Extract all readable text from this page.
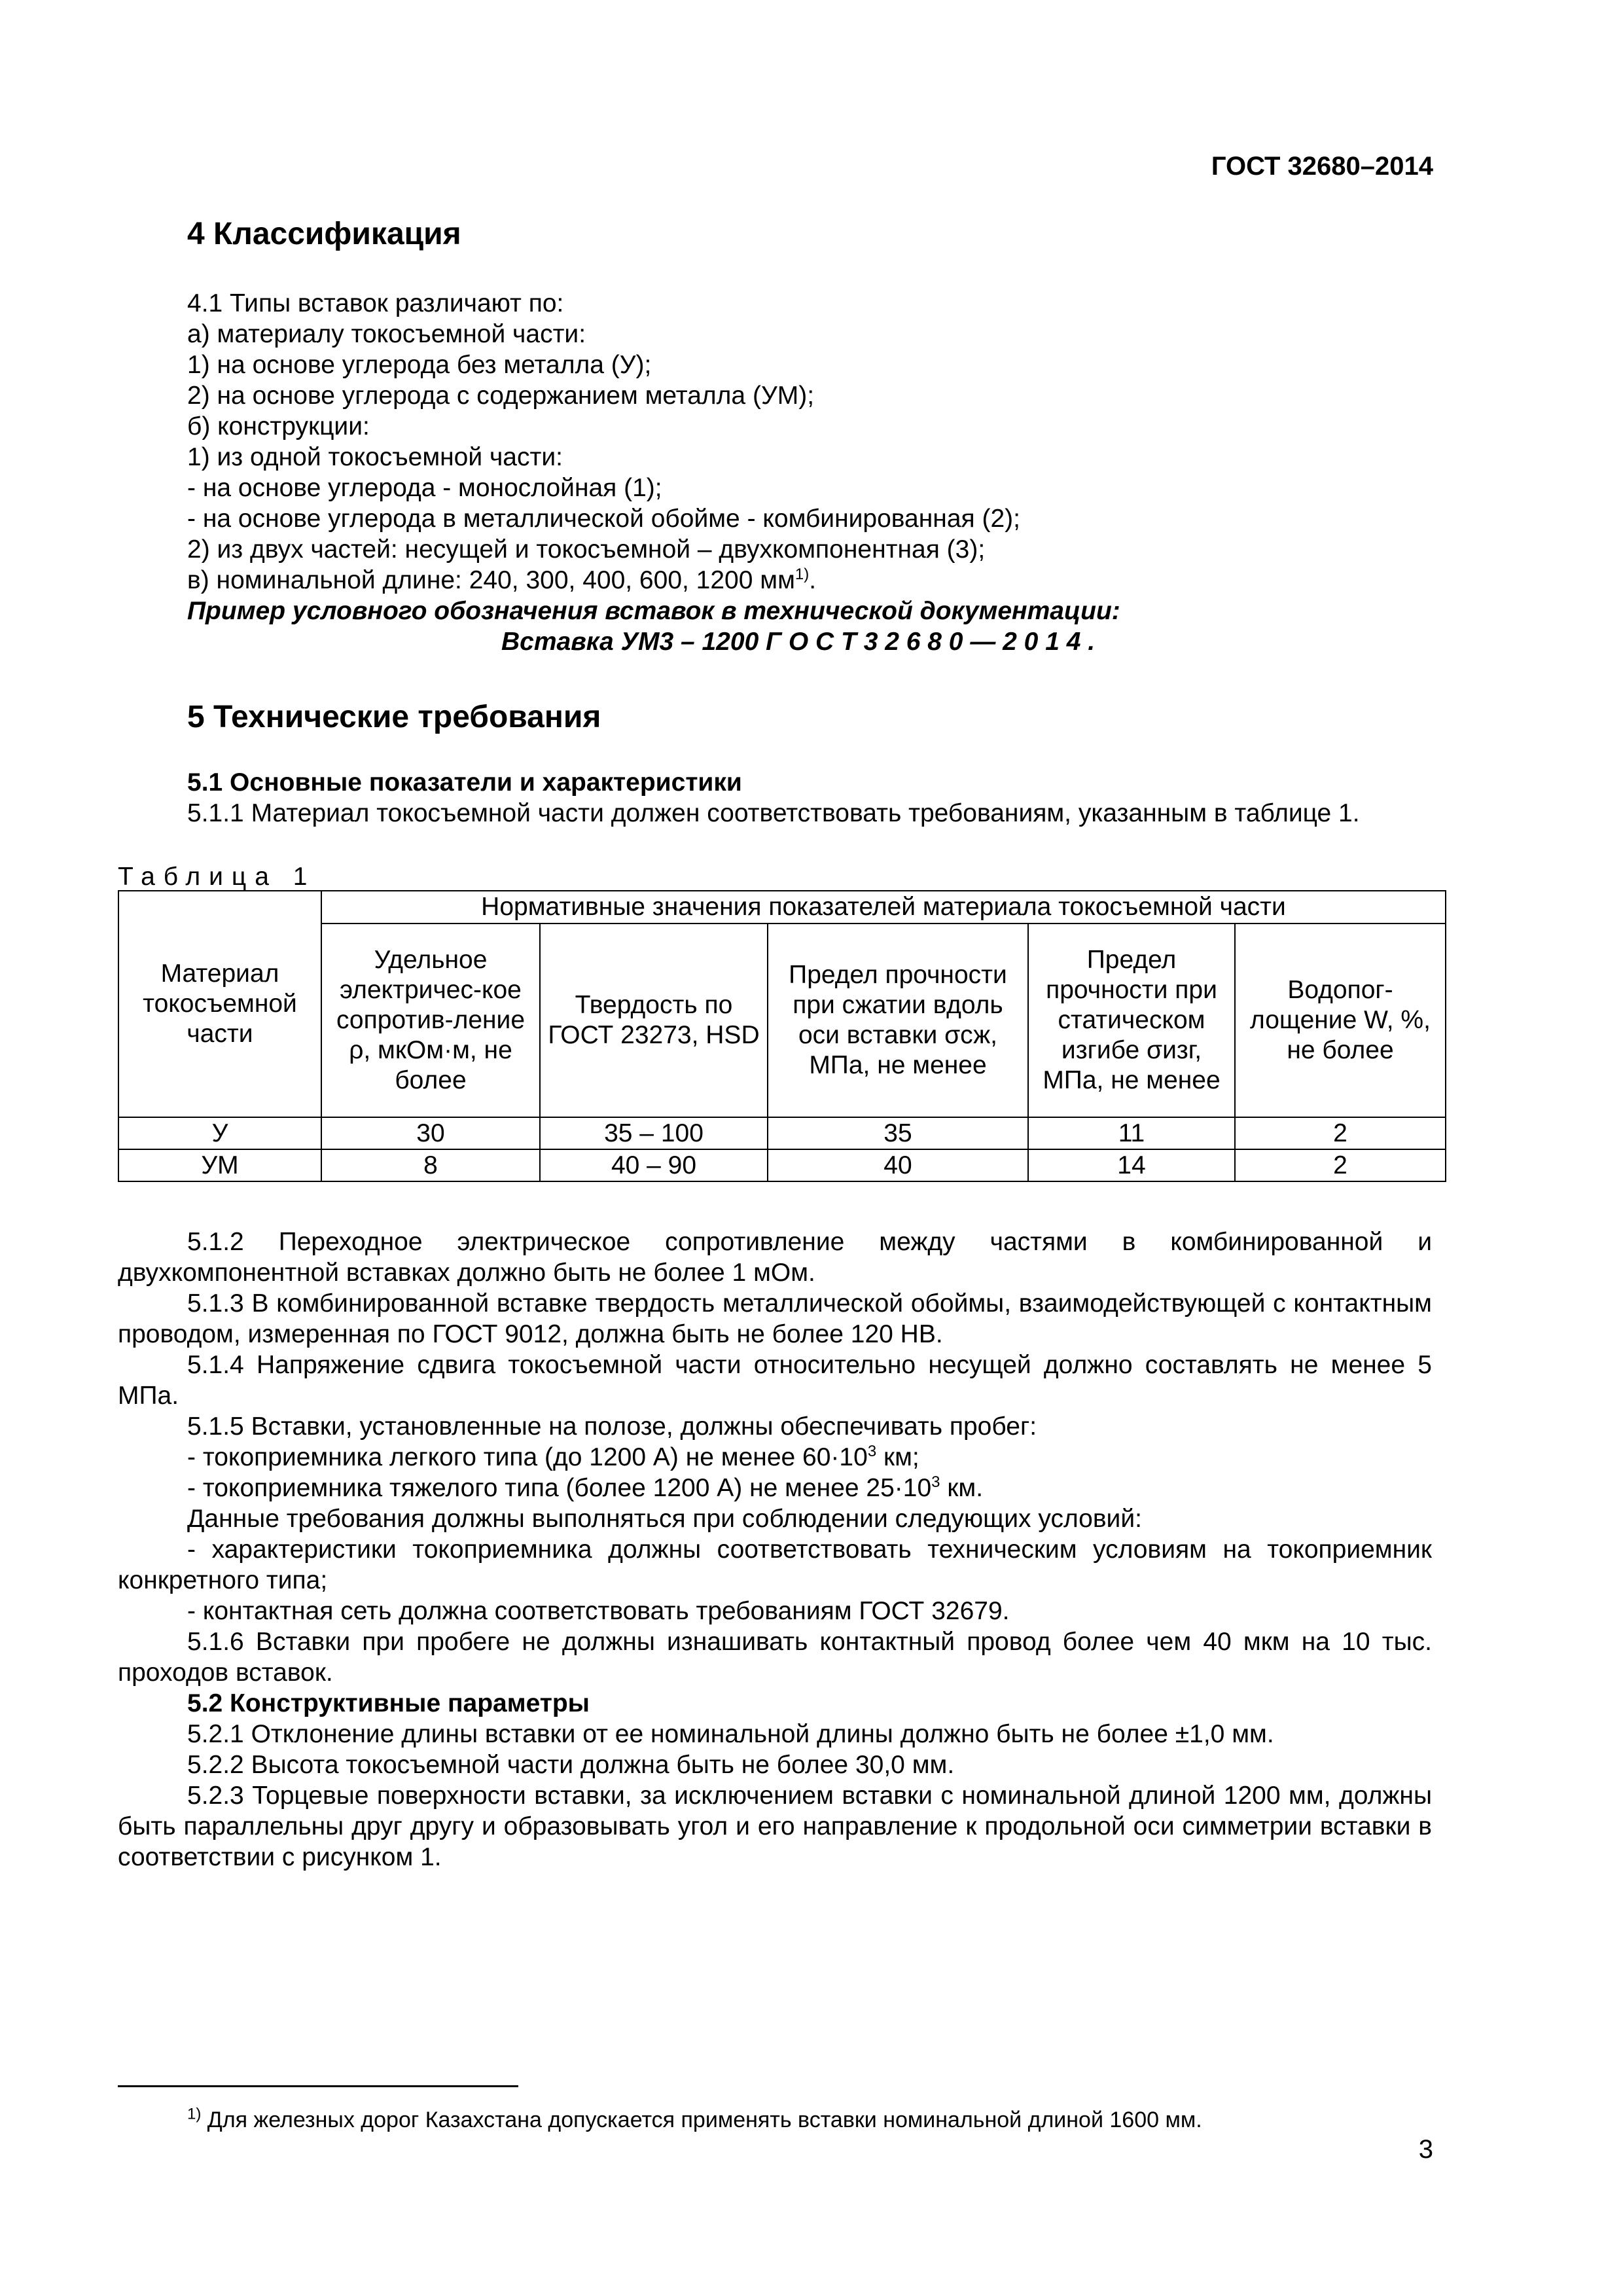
ГОСТ 32680–2014
4 Классификация
4.1 Типы вставок различают по:
а) материалу токосъемной части:
1) на основе углерода без металла (У);
2) на основе углерода с содержанием металла (УМ);
б) конструкции:
1) из одной токосъемной части:
- на основе углерода - монослойная (1);
- на основе углерода в металлической обойме - комбинированная (2);
2) из двух частей: несущей и токосъемной – двухкомпонентная (3);
в) номинальной длине: 240, 300, 400, 600, 1200 $мм^{1)}$.
Пример условного обозначения вставок в технической документации:
Вставка УМ3 – 1200 Г О С Т 3 2 6 8 0 — 2 0 1 4 .
5 Технические требования
5.1 Основные показатели и характеристики
5.1.1 Материал токосъемной части должен соответствовать требованиям, указанным в таблице 1.
Таблица 1
Материал токосъемной части	Нормативные значения показателей материала токосъемной части				
	Удельное электричес-кое сопротив-ление ρ, мкОм·м, не более	Твердость по ГОСТ 23273, HSD	Предел прочности при сжатии вдоль оси вставки σсж, МПа, не менее	Предел прочности при статическом изгибе σизг, МПа, не менее	Водопог-лощение W, %, не более
У	30	35 – 100	35	11	2
УМ	8	40 – 90	40	14	2
5.1.2 Переходное электрическое сопротивление между частями в комбинированной и двухкомпонентной вставках должно быть не более 1 мОм.
5.1.3 В комбинированной вставке твердость металлической обоймы, взаимодействующей с контактным проводом, измеренная по ГОСТ 9012, должна быть не более 120 НВ.
5.1.4 Напряжение сдвига токосъемной части относительно несущей должно составлять не менее 5 МПа.
5.1.5 Вставки, установленные на полозе, должны обеспечивать пробег:
- токоприемника легкого типа (до 1200 А) не менее $60\cdot 10^3$ км;
- токоприемника тяжелого типа (более 1200 А) не менее $25\cdot 10^3$ км.
Данные требования должны выполняться при соблюдении следующих условий:
- характеристики токоприемника должны соответствовать техническим условиям на токоприемник конкретного типа;
- контактная сеть должна соответствовать требованиям ГОСТ 32679.
5.1.6 Вставки при пробеге не должны изнашивать контактный провод более чем 40 мкм на 10 тыс. проходов вставок.
5.2 Конструктивные параметры
5.2.1 Отклонение длины вставки от ее номинальной длины должно быть не более ±1,0 мм.
5.2.2 Высота токосъемной части должна быть не более 30,0 мм.
5.2.3 Торцевые поверхности вставки, за исключением вставки с номинальной длиной 1200 мм, должны быть параллельны друг другу и образовывать угол и его направление к продольной оси симметрии вставки в соответствии с рисунком 1.
$^{1)}$ Для железных дорог Казахстана допускается применять вставки номинальной длиной 1600 мм.
3
